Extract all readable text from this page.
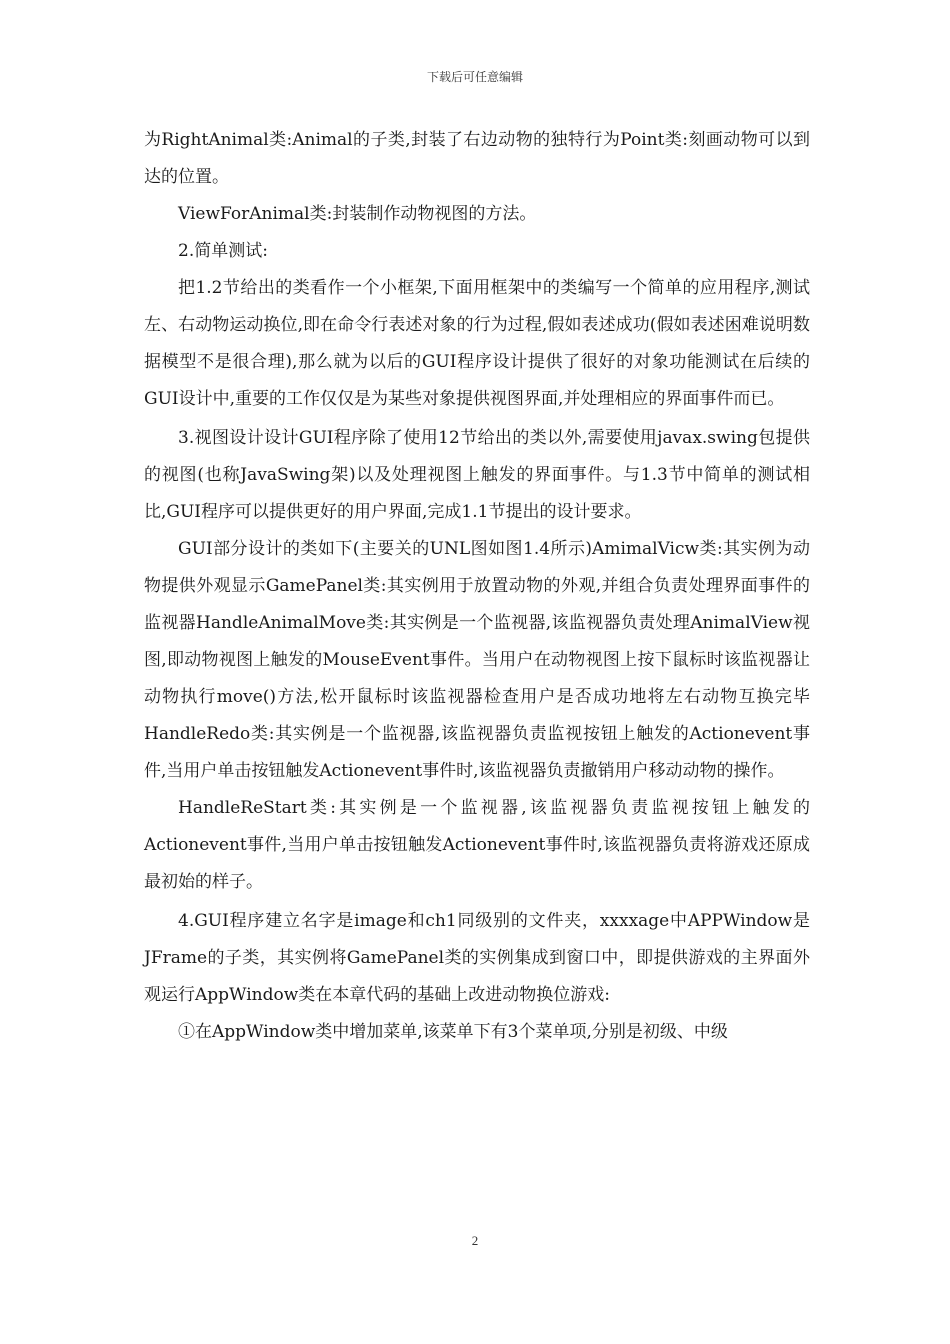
下载后可任意编辑

为RightAnimal类:Animal的子类,封装了右边动物的独特行为Point类:刻画动物可以到达的位置。

ViewForAnimal类:封装制作动物视图的方法。

2.简单测试:

把1.2节给出的类看作一个小框架,下面用框架中的类编写一个简单的应用程序,测试左、右动物运动换位,即在命令行表述对象的行为过程,假如表述成功(假如表述困难说明数据模型不是很合理),那么就为以后的GUI程序设计提供了很好的对象功能测试在后续的GUI设计中,重要的工作仅仅是为某些对象提供视图界面,并处理相应的界面事件而已。

3.视图设计设计GUI程序除了使用12节给出的类以外,需要使用javax.swing包提供的视图(也称JavaSwing架)以及处理视图上触发的界面事件。与1.3节中简单的测试相比,GUI程序可以提供更好的用户界面,完成1.1节提出的设计要求。

GUI部分设计的类如下(主要关的UNL图如图1.4所示)AmimalVicw类:其实例为动物提供外观显示GamePanel类:其实例用于放置动物的外观,并组合负责处理界面事件的监视器HandleAnimalMove类:其实例是一个监视器,该监视器负责处理AnimalView视图,即动物视图上触发的MouseEvent事件。当用户在动物视图上按下鼠标时该监视器让动物执行move()方法,松开鼠标时该监视器检查用户是否成功地将左右动物互换完毕HandleRedo类:其实例是一个监视器,该监视器负责监视按钮上触发的Actionevent事件,当用户单击按钮触发Actionevent事件时,该监视器负责撤销用户移动动物的操作。

HandleReStart类:其实例是一个监视器,该监视器负责监视按钮上触发的Actionevent事件,当用户单击按钮触发Actionevent事件时,该监视器负责将游戏还原成最初始的样子。

4.GUI程序建立名字是image和ch1同级别的文件夹，xxxxage中APPWindow是JFrame的子类，其实例将GamePanel类的实例集成到窗口中，即提供游戏的主界面外观运行AppWindow类在本章代码的基础上改进动物换位游戏:

①在AppWindow类中增加菜单,该菜单下有3个菜单项,分别是初级、中级

2
